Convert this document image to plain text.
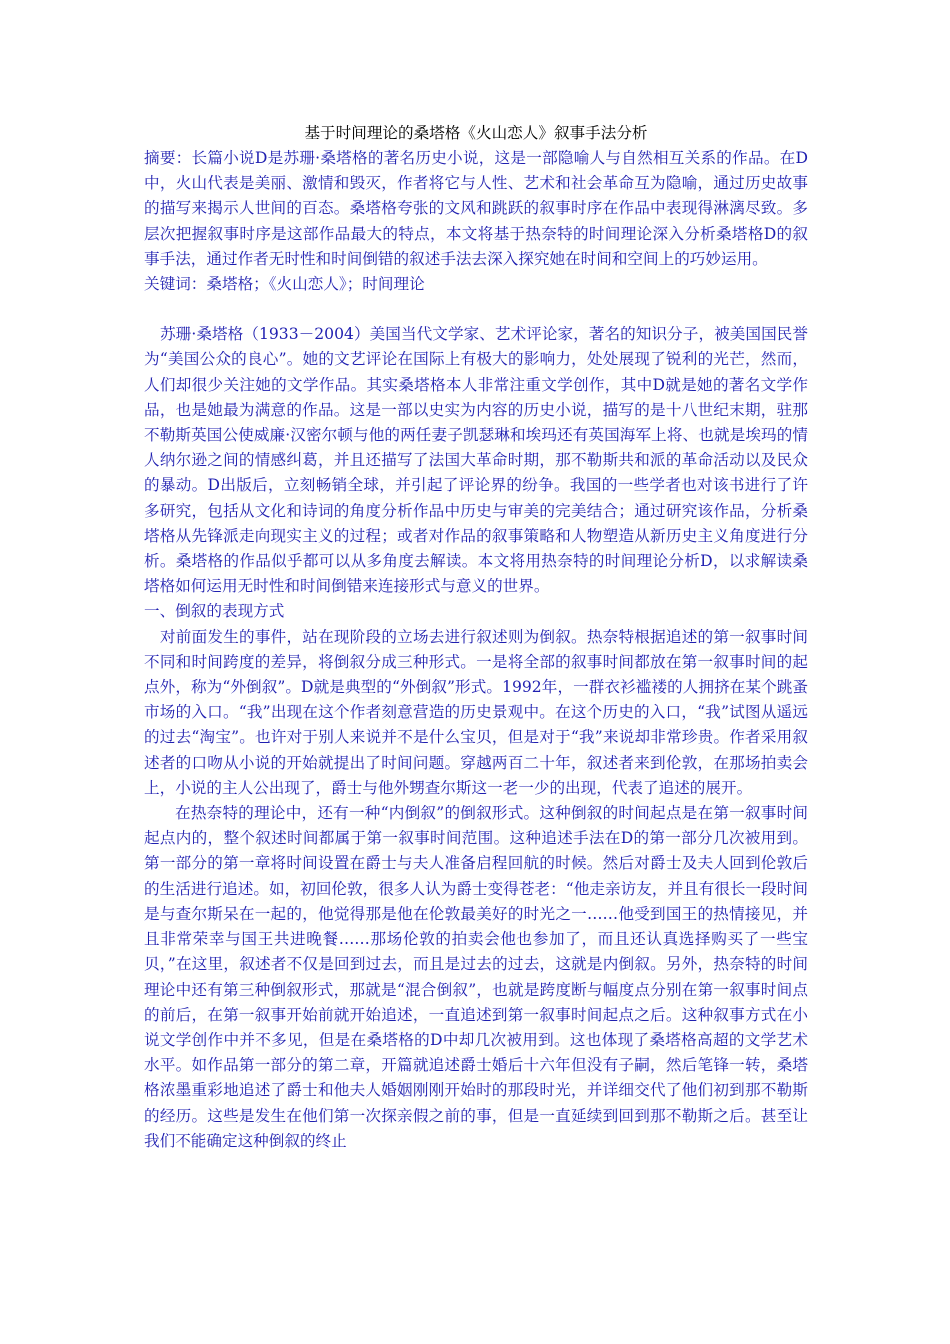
基于时间理论的桑塔格《火山恋人》叙事手法分析

摘要：长篇小说D是苏珊·桑塔格的著名历史小说，这是一部隐喻人与自然相互关系的作品。在D中，火山代表是美丽、激情和毁灭，作者将它与人性、艺术和社会革命互为隐喻，通过历史故事的描写来揭示人世间的百态。桑塔格夸张的文风和跳跃的叙事时序在作品中表现得淋漓尽致。多层次把握叙事时序是这部作品最大的特点，本文将基于热奈特的时间理论深入分析桑塔格D的叙事手法，通过作者无时性和时间倒错的叙述手法去深入探究她在时间和空间上的巧妙运用。

关键词：桑塔格；《火山恋人》；时间理论

苏珊·桑塔格（1933－2004）美国当代文学家、艺术评论家，著名的知识分子，被美国国民誉为“美国公众的良心”。她的文艺评论在国际上有极大的影响力，处处展现了锐利的光芒，然而，人们却很少关注她的文学作品。其实桑塔格本人非常注重文学创作，其中D就是她的著名文学作品，也是她最为满意的作品。这是一部以史实为内容的历史小说，描写的是十八世纪末期，驻那不勒斯英国公使威廉·汉密尔顿与他的两任妻子凯瑟琳和埃玛还有英国海军上将、也就是埃玛的情人纳尔逊之间的情感纠葛，并且还描写了法国大革命时期，那不勒斯共和派的革命活动以及民众的暴动。D出版后，立刻畅销全球，并引起了评论界的纷争。我国的一些学者也对该书进行了许多研究，包括从文化和诗词的角度分析作品中历史与审美的完美结合；通过研究该作品，分析桑塔格从先锋派走向现实主义的过程；或者对作品的叙事策略和人物塑造从新历史主义角度进行分析。桑塔格的作品似乎都可以从多角度去解读。本文将用热奈特的时间理论分析D，以求解读桑塔格如何运用无时性和时间倒错来连接形式与意义的世界。

一、倒叙的表现方式

对前面发生的事件，站在现阶段的立场去进行叙述则为倒叙。热奈特根据追述的第一叙事时间不同和时间跨度的差异，将倒叙分成三种形式。一是将全部的叙事时间都放在第一叙事时间的起点外，称为“外倒叙”。D就是典型的“外倒叙”形式。1992年，一群衣衫褴褛的人拥挤在某个跳蚤市场的入口。“我”出现在这个作者刻意营造的历史景观中。在这个历史的入口，“我”试图从遥远的过去“淘宝”。也许对于别人来说并不是什么宝贝，但是对于“我”来说却非常珍贵。作者采用叙述者的口吻从小说的开始就提出了时间问题。穿越两百二十年，叙述者来到伦敦，在那场拍卖会上，小说的主人公出现了，爵士与他外甥查尔斯这一老一少的出现，代表了追述的展开。

在热奈特的理论中，还有一种“内倒叙”的倒叙形式。这种倒叙的时间起点是在第一叙事时间起点内的，整个叙述时间都属于第一叙事时间范围。这种追述手法在D的第一部分几次被用到。第一部分的第一章将时间设置在爵士与夫人准备启程回航的时候。然后对爵士及夫人回到伦敦后的生活进行追述。如，初回伦敦，很多人认为爵士变得苍老：“他走亲访友，并且有很长一段时间是与查尔斯呆在一起的，他觉得那是他在伦敦最美好的时光之一……他受到国王的热情接见，并且非常荣幸与国王共进晚餐……那场伦敦的拍卖会他也参加了，而且还认真选择购买了一些宝贝，”在这里，叙述者不仅是回到过去，而且是过去的过去，这就是内倒叙。另外，热奈特的时间理论中还有第三种倒叙形式，那就是“混合倒叙”，也就是跨度断与幅度点分别在第一叙事时间点的前后，在第一叙事开始前就开始追述，一直追述到第一叙事时间起点之后。这种叙事方式在小说文学创作中并不多见，但是在桑塔格的D中却几次被用到。这也体现了桑塔格高超的文学艺术水平。如作品第一部分的第二章，开篇就追述爵士婚后十六年但没有子嗣，然后笔锋一转，桑塔格浓墨重彩地追述了爵士和他夫人婚姻刚刚开始时的那段时光，并详细交代了他们初到那不勒斯的经历。这些是发生在他们第一次探亲假之前的事，但是一直延续到回到那不勒斯之后。甚至让我们不能确定这种倒叙的终止
